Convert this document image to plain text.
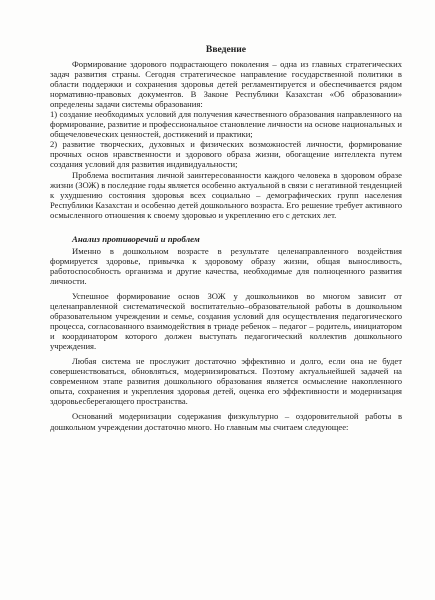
Введение

Формирование здорового подрастающего поколения – одна из главных стратегических задач развития страны. Сегодня стратегическое направление государственной политики в области поддержки и сохранения здоровья детей регламентируется и обеспечивается рядом нормативно-правовых документов. В Законе Республики Казахстан «Об образовании» определены задачи системы образования:

1) создание необходимых условий для получения качественного образования направленного на формирование, развитие и профессиональное становление личности на основе национальных и общечеловеческих ценностей, достижений и практики;

2) развитие творческих, духовных и физических возможностей личности, формирование прочных основ нравственности и здорового образа жизни, обогащение интеллекта путем создания условий для развития индивидуальности;

Проблема воспитания личной заинтересованности каждого человека в здоровом образе жизни (ЗОЖ) в последние годы является особенно актуальной в связи с негативной тенденцией к ухудшению состояния здоровья всех социально – демографических групп населения Республики Казахстан и особенно детей дошкольного возраста. Его решение требует активного осмысленного отношения к своему здоровью и укреплению его с детских лет.

Анализ противоречий и проблем

Именно в дошкольном возрасте в результате целенаправленного воздействия формируется здоровье, привычка к здоровому образу жизни, общая выносливость, работоспособность организма и другие качества, необходимые для полноценного развития личности.

Успешное формирование основ ЗОЖ у дошкольников во многом зависит от целенаправленной систематической воспитательно–образовательной работы в дошкольном образовательном учреждении и семье, создания условий для осуществления педагогического процесса, согласованного взаимодействия в триаде ребенок – педагог – родитель, инициатором и координатором которого должен выступать педагогический коллектив дошкольного учреждения.

Любая система не прослужит достаточно эффективно и долго, если она не будет совершенствоваться, обновляться, модернизироваться. Поэтому актуальнейшей задачей на современном этапе развития дошкольного образования является осмысление накопленного опыта, сохранения и укрепления здоровья детей, оценка его эффективности и модернизация здоровьесберегающего пространства.

Оснований модернизации содержания физкультурно – оздоровительной работы в дошкольном учреждении достаточно много. Но главным мы считаем следующее:
